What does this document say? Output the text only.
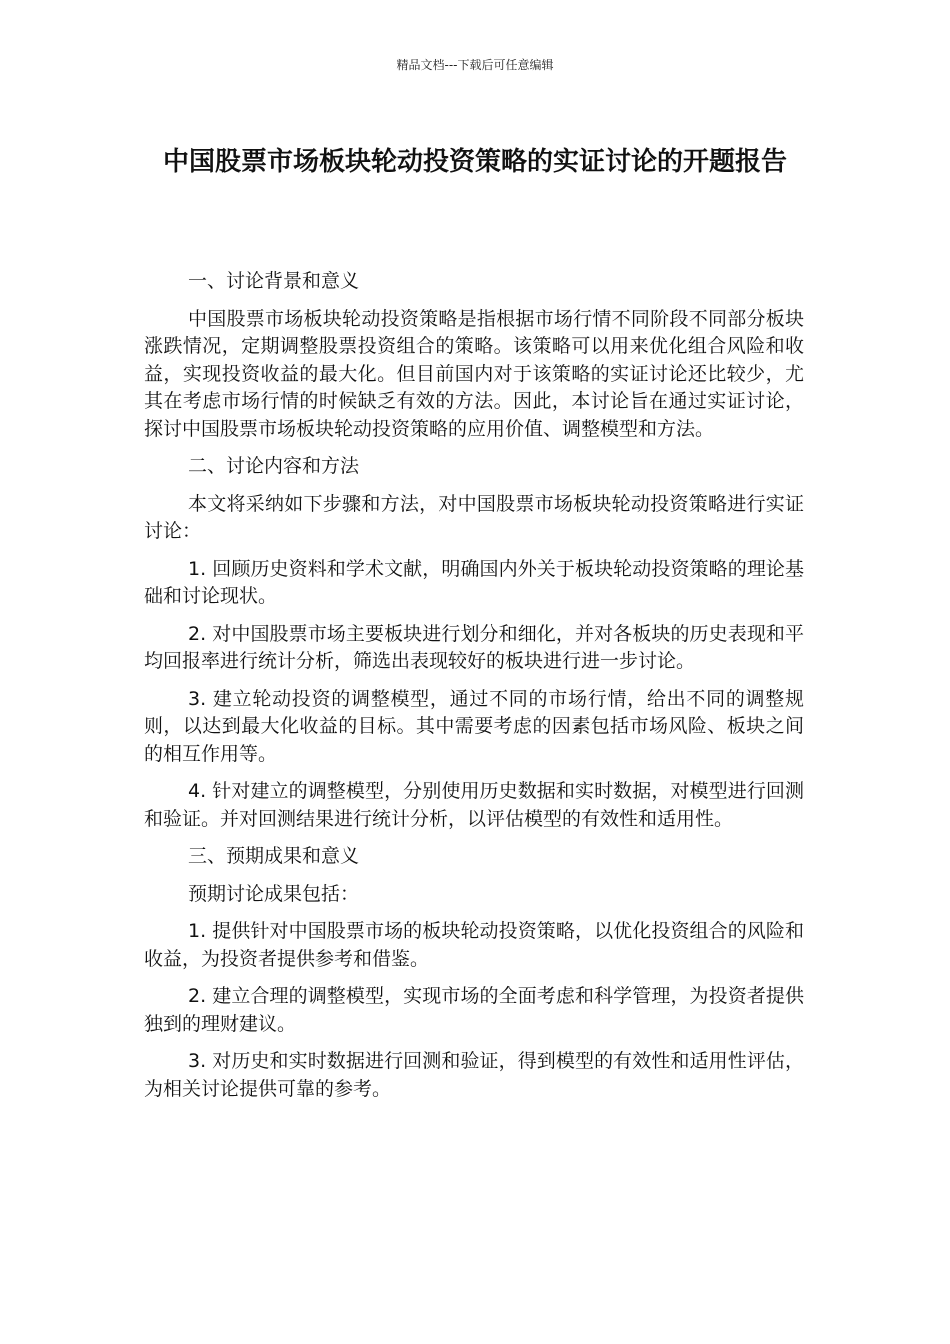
精品文档---下载后可任意编辑
中国股票市场板块轮动投资策略的实证讨论的开题报告

一、讨论背景和意义

中国股票市场板块轮动投资策略是指根据市场行情不同阶段不同部分板块涨跌情况，定期调整股票投资组合的策略。该策略可以用来优化组合风险和收益，实现投资收益的最大化。但目前国内对于该策略的实证讨论还比较少，尤其在考虑市场行情的时候缺乏有效的方法。因此，本讨论旨在通过实证讨论，探讨中国股票市场板块轮动投资策略的应用价值、调整模型和方法。

二、讨论内容和方法

本文将采纳如下步骤和方法，对中国股票市场板块轮动投资策略进行实证讨论：

1. 回顾历史资料和学术文献，明确国内外关于板块轮动投资策略的理论基础和讨论现状。

2. 对中国股票市场主要板块进行划分和细化，并对各板块的历史表现和平均回报率进行统计分析，筛选出表现较好的板块进行进一步讨论。

3. 建立轮动投资的调整模型，通过不同的市场行情，给出不同的调整规则，以达到最大化收益的目标。其中需要考虑的因素包括市场风险、板块之间的相互作用等。

4. 针对建立的调整模型，分别使用历史数据和实时数据，对模型进行回测和验证。并对回测结果进行统计分析，以评估模型的有效性和适用性。

三、预期成果和意义

预期讨论成果包括：

1. 提供针对中国股票市场的板块轮动投资策略，以优化投资组合的风险和收益，为投资者提供参考和借鉴。

2. 建立合理的调整模型，实现市场的全面考虑和科学管理，为投资者提供独到的理财建议。

3. 对历史和实时数据进行回测和验证，得到模型的有效性和适用性评估，为相关讨论提供可靠的参考。
